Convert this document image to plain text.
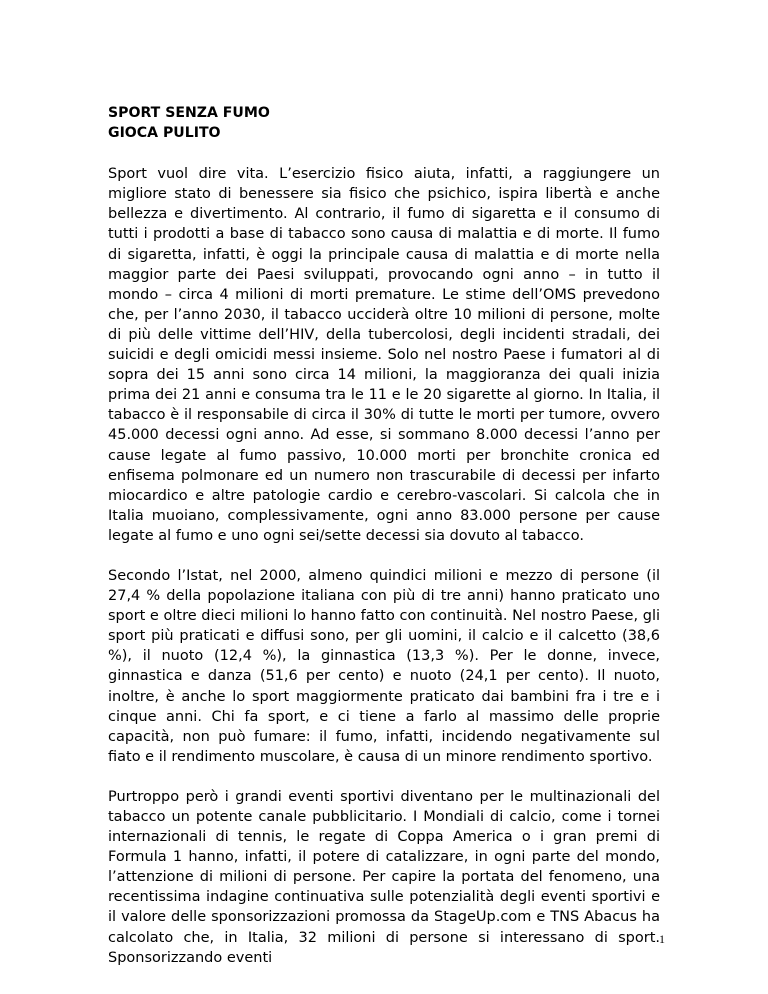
SPORT SENZA FUMO
GIOCA PULITO

Sport vuol dire vita. L’esercizio fisico aiuta, infatti, a raggiungere un migliore stato di benessere sia fisico che psichico, ispira libertà e anche bellezza e divertimento. Al contrario, il fumo di sigaretta e il consumo di tutti i prodotti a base di tabacco sono causa di malattia e di morte. Il fumo di sigaretta, infatti, è oggi la principale causa di malattia e di morte nella maggior parte dei Paesi sviluppati, provocando ogni anno – in tutto il mondo – circa 4 milioni di morti premature. Le stime dell’OMS prevedono che, per l’anno 2030, il tabacco ucciderà oltre 10 milioni di persone, molte di più delle vittime dell’HIV, della tubercolosi, degli incidenti stradali, dei suicidi e degli omicidi messi insieme. Solo nel nostro Paese i fumatori al di sopra dei 15 anni sono circa 14 milioni, la maggioranza dei quali inizia prima dei 21 anni e consuma tra le 11 e le 20 sigarette al giorno. In Italia, il tabacco è il responsabile di circa il 30% di tutte le morti per tumore, ovvero 45.000 decessi ogni anno. Ad esse, si sommano 8.000 decessi l’anno per cause legate al fumo passivo, 10.000 morti per bronchite cronica ed enfisema polmonare ed un numero non trascurabile di decessi per infarto miocardico e altre patologie cardio e cerebro-vascolari. Si calcola che in Italia muoiano, complessivamente, ogni anno 83.000 persone per cause legate al fumo e uno ogni sei/sette decessi sia dovuto al tabacco.

Secondo l’Istat, nel 2000, almeno quindici milioni e mezzo di persone (il 27,4 % della popolazione italiana con più di tre anni) hanno praticato uno sport e oltre dieci milioni lo hanno fatto con continuità. Nel nostro Paese, gli sport più praticati e diffusi sono, per gli uomini, il calcio e il calcetto (38,6 %), il nuoto (12,4 %), la ginnastica (13,3 %). Per le donne, invece, ginnastica e danza (51,6 per cento) e nuoto (24,1 per cento). Il nuoto, inoltre, è anche lo sport maggiormente praticato dai bambini fra i tre e i cinque anni. Chi fa sport, e ci tiene a farlo al massimo delle proprie capacità, non può fumare: il fumo, infatti, incidendo negativamente sul fiato e il rendimento muscolare, è causa di un minore rendimento sportivo.

Purtroppo però i grandi eventi sportivi diventano per le multinazionali del tabacco un potente canale pubblicitario. I Mondiali di calcio, come i tornei internazionali di tennis, le regate di Coppa America o i gran premi di Formula 1 hanno, infatti, il potere di catalizzare, in ogni parte del mondo, l’attenzione di milioni di persone. Per capire la portata del fenomeno, una recentissima indagine continuativa sulle potenzialità degli eventi sportivi e il valore delle sponsorizzazioni promossa da StageUp.com e TNS Abacus ha calcolato che, in Italia, 32 milioni di persone si interessano di sport. Sponsorizzando eventi

1
